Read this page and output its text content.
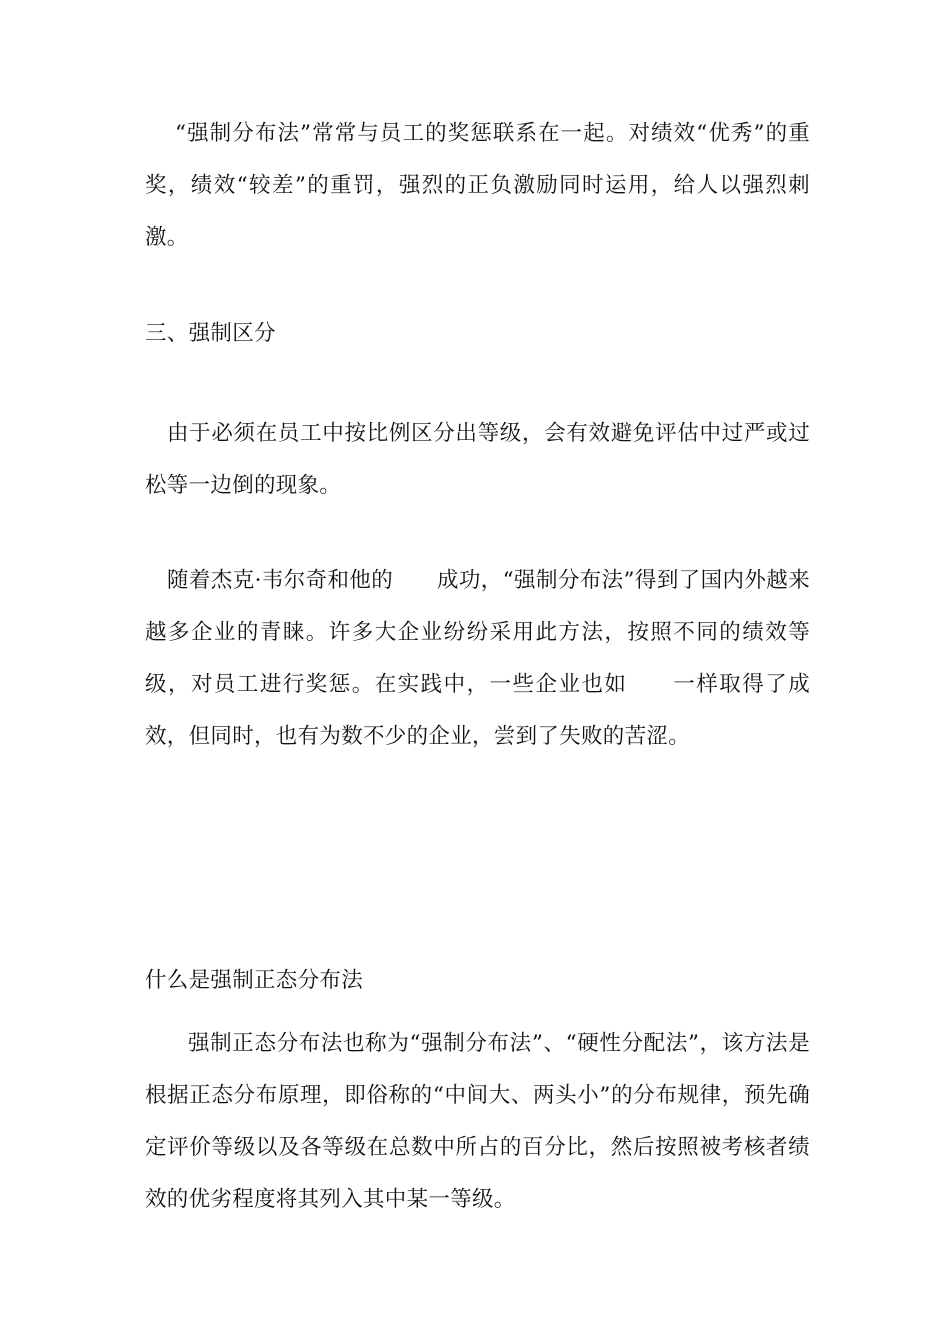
“强制分布法”常常与员工的奖惩联系在一起。对绩效“优秀”的重奖，绩效“较差”的重罚，强烈的正负激励同时运用，给人以强烈刺激。

三、强制区分

由于必须在员工中按比例区分出等级，会有效避免评估中过严或过松等一边倒的现象。

随着杰克·韦尔奇和他的　　成功，“强制分布法”得到了国内外越来越多企业的青睐。许多大企业纷纷采用此方法，按照不同的绩效等级，对员工进行奖惩。在实践中，一些企业也如　　一样取得了成效，但同时，也有为数不少的企业，尝到了失败的苦涩。

什么是强制正态分布法

强制正态分布法也称为“强制分布法”、“硬性分配法”，该方法是根据正态分布原理，即俗称的“中间大、两头小”的分布规律，预先确定评价等级以及各等级在总数中所占的百分比，然后按照被考核者绩效的优劣程度将其列入其中某一等级。
